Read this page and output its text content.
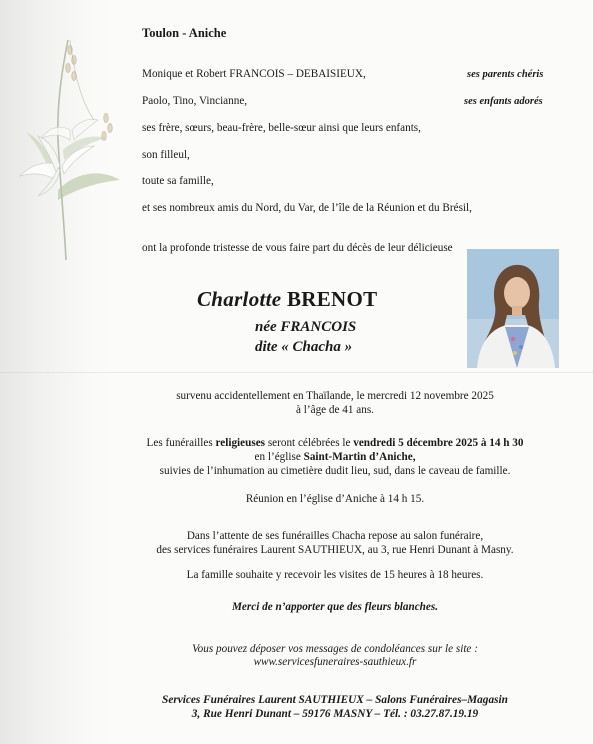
Toulon - Aniche
Monique et Robert FRANCOIS – DEBAISIEUX,	ses parents chéris
Paolo, Tino, Vincianne,	ses enfants adorés
ses frère, sœurs, beau-frère, belle-sœur ainsi que leurs enfants,
son filleul,
toute sa famille,
et ses nombreux amis du Nord, du Var, de l’île de la Réunion et du Brésil,
ont la profonde tristesse de vous faire part du décès de leur délicieuse
Charlotte BRENOT
née FRANCOIS
dite « Chacha »
survenu accidentellement en Thaïlande, le mercredi 12 novembre 2025
à l’âge de 41 ans.
Les funérailles religieuses seront célébrées le vendredi 5 décembre 2025 à 14 h 30
en l’église Saint-Martin d’Aniche,
suivies de l’inhumation au cimetière dudit lieu, sud, dans le caveau de famille.
Réunion en l’église d’Aniche à 14 h 15.
Dans l’attente de ses funérailles Chacha repose au salon funéraire,
des services funéraires Laurent SAUTHIEUX, au 3, rue Henri Dunant à Masny.
La famille souhaite y recevoir les visites de 15 heures à 18 heures.
Merci de n’apporter que des fleurs blanches.
Vous pouvez déposer vos messages de condoléances sur le site :
www.servicesfuneraires-sauthieux.fr
Services Funéraires Laurent SAUTHIEUX – Salons Funéraires–Magasin
3, Rue Henri Dunant – 59176 MASNY – Tél. : 03.27.87.19.19
